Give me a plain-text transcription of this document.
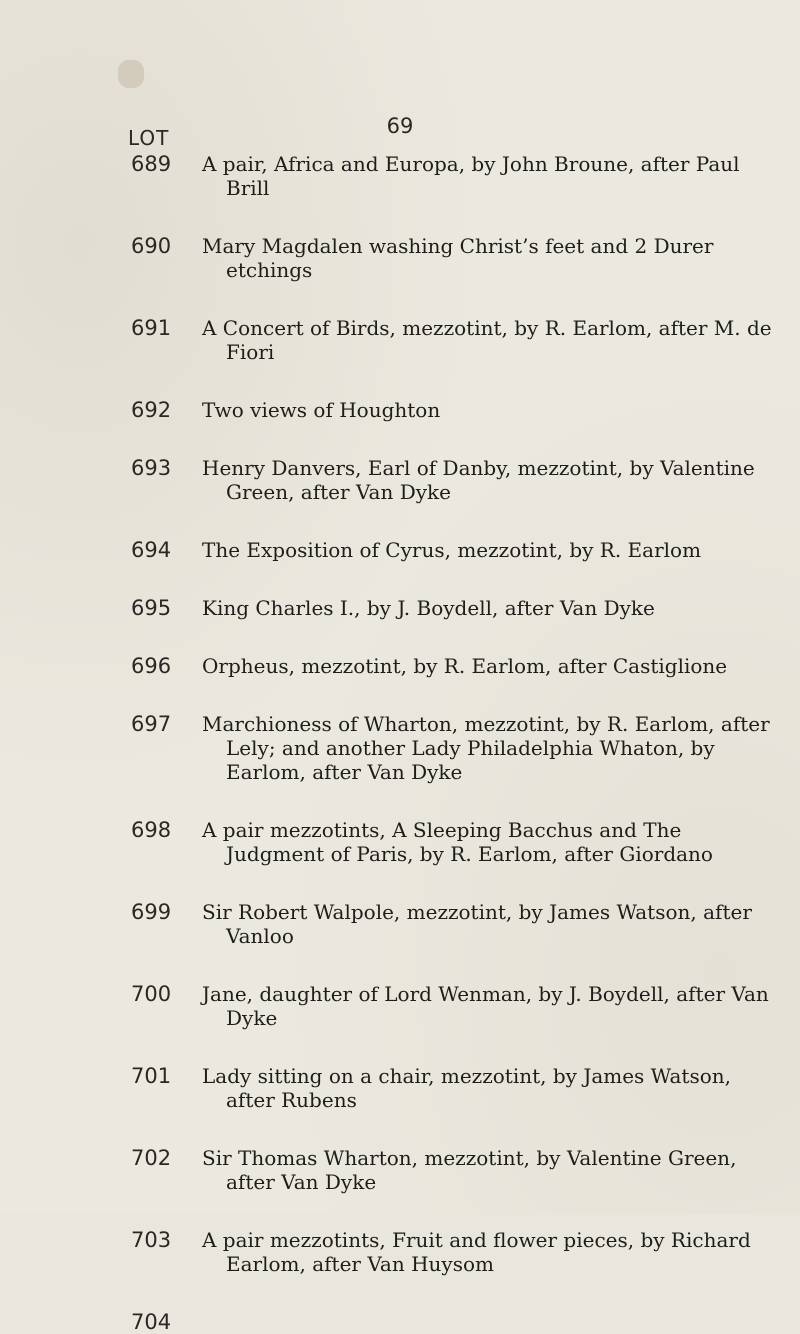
69
LOT
689 A pair, Africa and Europa, by John Broune, after Paul Brill
690 Mary Magdalen washing Christ’s feet and 2 Durer etchings
691 A Concert of Birds, mezzotint, by R. Earlom, after M. de Fiori
692 Two views of Houghton
693 Henry Danvers, Earl of Danby, mezzotint, by Valentine Green, after Van Dyke
694 The Exposition of Cyrus, mezzotint, by R. Earlom
695 King Charles I., by J. Boydell, after Van Dyke
696 Orpheus, mezzotint, by R. Earlom, after Castiglione
697 Marchioness of Wharton, mezzotint, by R. Earlom, after Lely; and another Lady Philadelphia Whaton, by Earlom, after Van Dyke
698 A pair mezzotints, A Sleeping Bacchus and The Judgment of Paris, by R. Earlom, after Giordano
699 Sir Robert Walpole, mezzotint, by James Watson, after Vanloo
700 Jane, daughter of Lord Wenman, by J. Boydell, after Van Dyke
701 Lady sitting on a chair, mezzotint, by James Watson, after Rubens
702 Sir Thomas Wharton, mezzotint, by Valentine Green, after Van Dyke
703 A pair mezzotints, Fruit and flower pieces, by Richard Earlom, after Van Huysom
704
